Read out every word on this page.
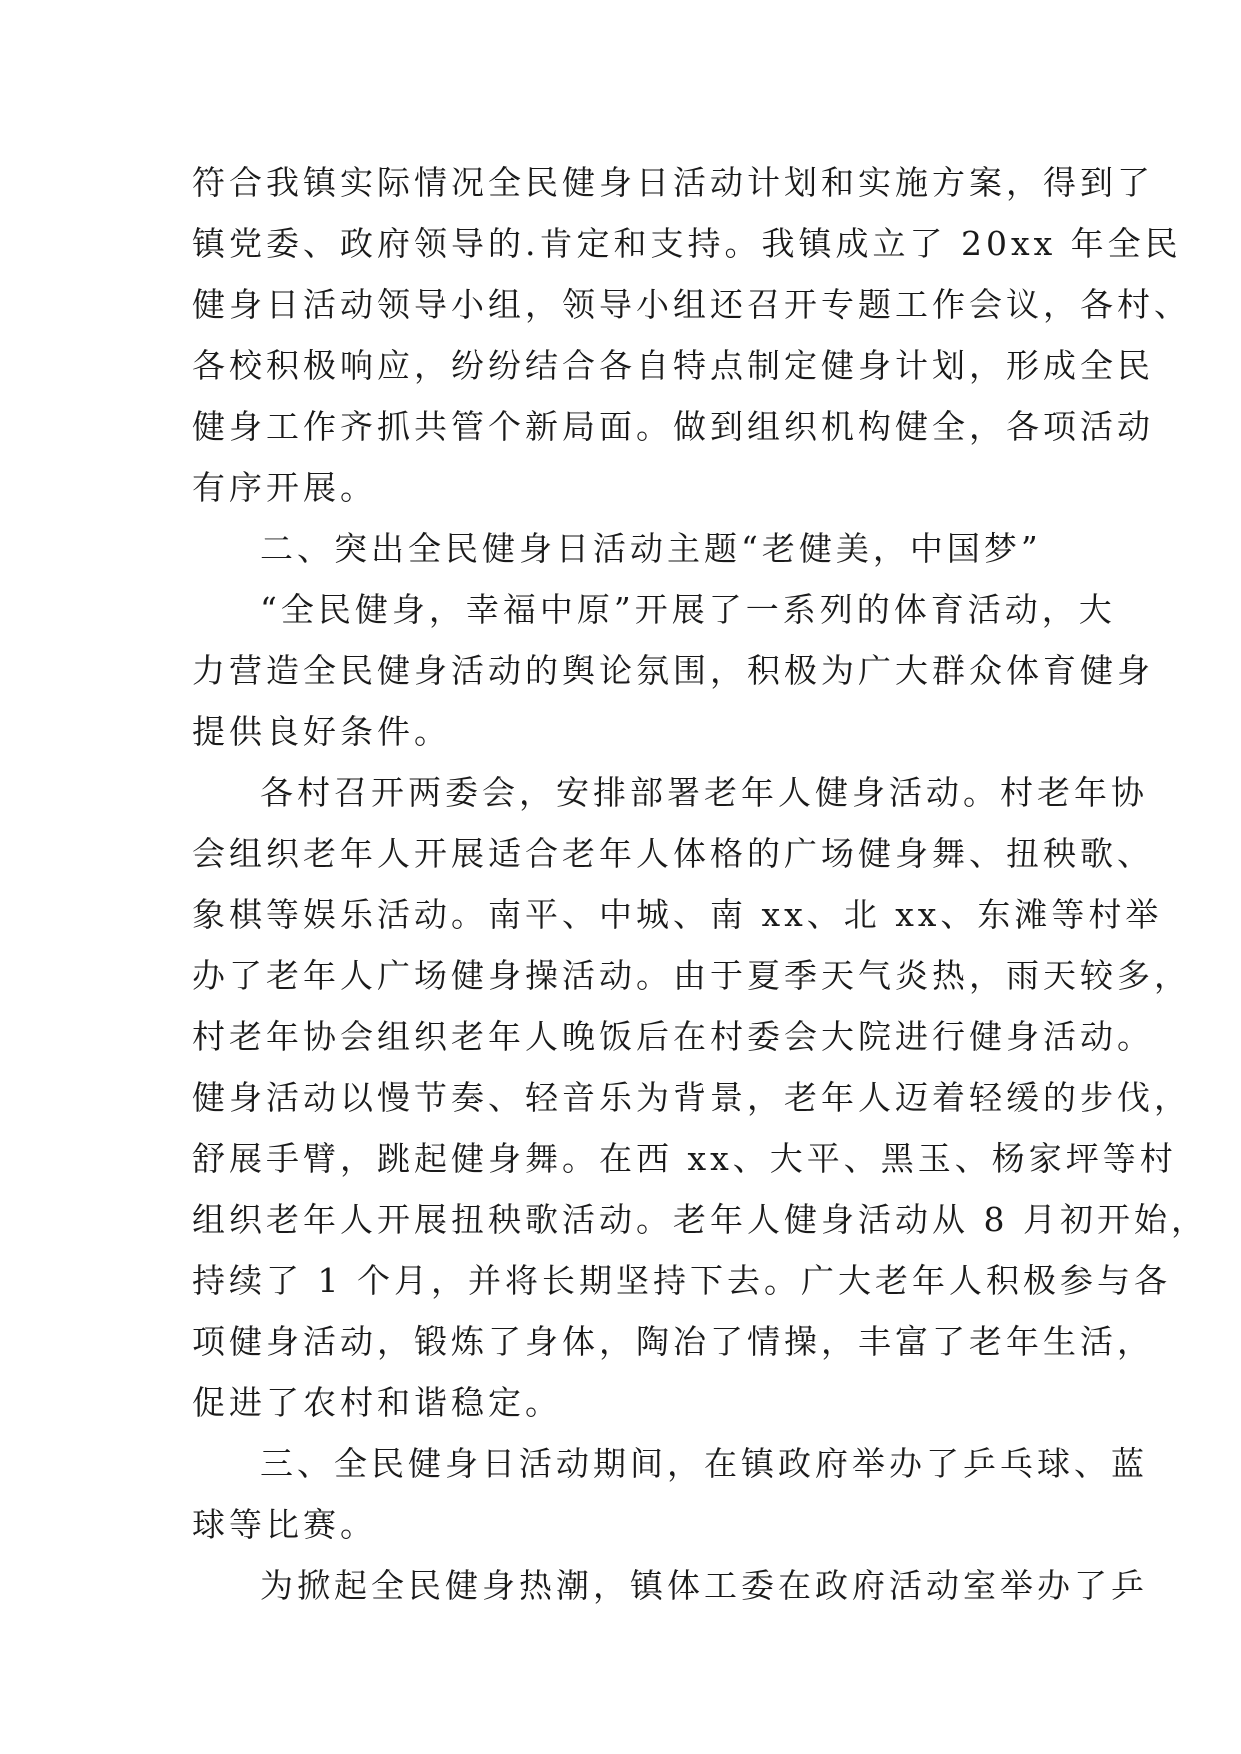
符合我镇实际情况全民健身日活动计划和实施方案，得到了
镇党委、政府领导的.肯定和支持。我镇成立了 20xx 年全民
健身日活动领导小组，领导小组还召开专题工作会议，各村、
各校积极响应，纷纷结合各自特点制定健身计划，形成全民
健身工作齐抓共管个新局面。做到组织机构健全，各项活动
有序开展。
二、突出全民健身日活动主题“老健美，中国梦”
“全民健身，幸福中原”开展了一系列的体育活动，大
力营造全民健身活动的舆论氛围，积极为广大群众体育健身
提供良好条件。
各村召开两委会，安排部署老年人健身活动。村老年协
会组织老年人开展适合老年人体格的广场健身舞、扭秧歌、
象棋等娱乐活动。南平、中城、南 xx、北 xx、东滩等村举
办了老年人广场健身操活动。由于夏季天气炎热，雨天较多，
村老年协会组织老年人晚饭后在村委会大院进行健身活动。
健身活动以慢节奏、轻音乐为背景，老年人迈着轻缓的步伐，
舒展手臂，跳起健身舞。在西 xx、大平、黑玉、杨家坪等村
组织老年人开展扭秧歌活动。老年人健身活动从 8 月初开始，
持续了 1 个月，并将长期坚持下去。广大老年人积极参与各
项健身活动，锻炼了身体，陶冶了情操，丰富了老年生活，
促进了农村和谐稳定。
三、全民健身日活动期间，在镇政府举办了乒乓球、蓝
球等比赛。
为掀起全民健身热潮，镇体工委在政府活动室举办了乒
